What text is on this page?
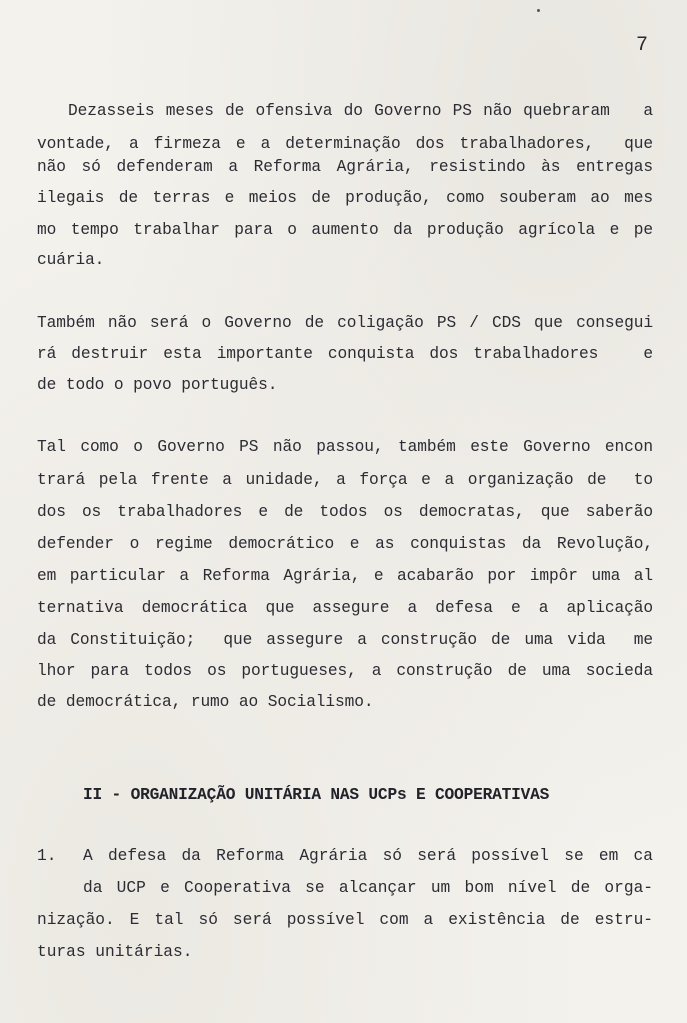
7
Dezasseis meses de ofensiva do Governo PS não quebraram   a
vontade, a firmeza e a determinação dos trabalhadores,  que
não só defenderam a Reforma Agrária, resistindo às entregas
ilegais de terras e meios de produção, como souberam ao mes
mo tempo trabalhar para o aumento da produção agrícola e pe
cuária.
Também não será o Governo de coligação PS / CDS que consegui
rá destruir esta importante conquista dos trabalhadores   e
de todo o povo português.
Tal como o Governo PS não passou, também este Governo encon
trará pela frente a unidade, a força e a organização de  to
dos os trabalhadores e de todos os democratas, que saberão
defender o regime democrático e as conquistas da Revolução,
em particular a Reforma Agrária, e acabarão por impôr uma al
ternativa democrática que assegure a defesa e a aplicação
da Constituição;  que assegure a construção de uma vida  me
lhor para todos os portugueses, a construção de uma socieda
de democrática, rumo ao Socialismo.
II - ORGANIZAÇÃO UNITÁRIA NAS UCPs E COOPERATIVAS
1. A defesa da Reforma Agrária só será possível se em ca
da UCP e Cooperativa se alcançar um bom nível de orga-
nização. E tal só será possível com a existência de estru-
turas unitárias.
